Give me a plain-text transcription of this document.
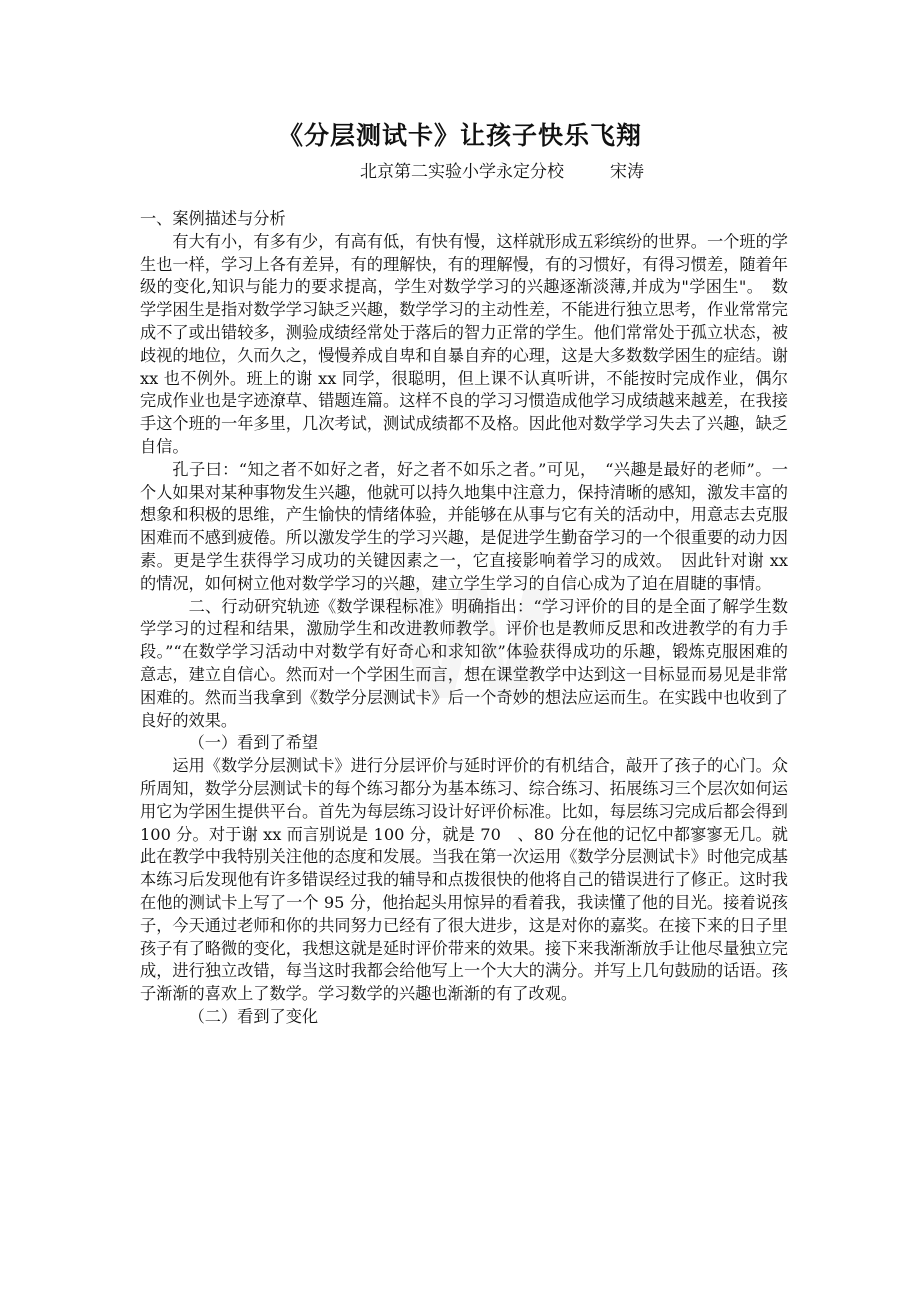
《分层测试卡》让孩子快乐飞翔
北京第二实验小学永定分校	宋涛

一、案例描述与分析

有大有小，有多有少，有高有低，有快有慢，这样就形成五彩缤纷的世界。一个班的学生也一样，学习上各有差异，有的理解快，有的理解慢，有的习惯好，有得习惯差，随着年级的变化,知识与能力的要求提高，学生对数学学习的兴趣逐渐淡薄,并成为"学困生"。　数学学困生是指对数学学习缺乏兴趣，数学学习的主动性差，不能进行独立思考，作业常常完成不了或出错较多，测验成绩经常处于落后的智力正常的学生。他们常常处于孤立状态，被歧视的地位，久而久之，慢慢养成自卑和自暴自弃的心理，这是大多数数学困生的症结。谢 xx 也不例外。班上的谢 xx 同学，很聪明，但上课不认真听讲，不能按时完成作业，偶尔完成作业也是字迹潦草、错题连篇。这样不良的学习习惯造成他学习成绩越来越差，在我接手这个班的一年多里，几次考试，测试成绩都不及格。因此他对数学学习失去了兴趣，缺乏自信。

孔子曰：“知之者不如好之者，好之者不如乐之者。”可见，　“兴趣是最好的老师”。一个人如果对某种事物发生兴趣，他就可以持久地集中注意力，保持清晰的感知，激发丰富的想象和积极的思维，产生愉快的情绪体验，并能够在从事与它有关的活动中，用意志去克服困难而不感到疲倦。所以激发学生的学习兴趣，是促进学生勤奋学习的一个很重要的动力因素。更是学生获得学习成功的关键因素之一，它直接影响着学习的成效。　因此针对谢 xx 的情况，如何树立他对数学学习的兴趣，建立学生学习的自信心成为了迫在眉睫的事情。

二、行动研究轨迹《数学课程标准》明确指出：“学习评价的目的是全面了解学生数学学习的过程和结果，激励学生和改进教师教学。评价也是教师反思和改进教学的有力手段。”“在数学学习活动中对数学有好奇心和求知欲”体验获得成功的乐趣，锻炼克服困难的意志，建立自信心。然而对一个学困生而言，想在课堂教学中达到这一目标显而易见是非常困难的。然而当我拿到《数学分层测试卡》后一个奇妙的想法应运而生。在实践中也收到了良好的效果。

（一）看到了希望

运用《数学分层测试卡》进行分层评价与延时评价的有机结合，敲开了孩子的心门。众所周知，数学分层测试卡的每个练习都分为基本练习、综合练习、拓展练习三个层次如何运用它为学困生提供平台。首先为每层练习设计好评价标准。比如，每层练习完成后都会得到 100 分。对于谢 xx 而言别说是 100 分，就是 70　、80 分在他的记忆中都寥寥无几。就此在教学中我特别关注他的态度和发展。当我在第一次运用《数学分层测试卡》时他完成基本练习后发现他有许多错误经过我的辅导和点拨很快的他将自己的错误进行了修正。这时我在他的测试卡上写了一个 95 分，他抬起头用惊异的看着我，我读懂了他的目光。接着说孩子，今天通过老师和你的共同努力已经有了很大进步，这是对你的嘉奖。在接下来的日子里孩子有了略微的变化，我想这就是延时评价带来的效果。接下来我渐渐放手让他尽量独立完成，进行独立改错，每当这时我都会给他写上一个大大的满分。并写上几句鼓励的话语。孩子渐渐的喜欢上了数学。学习数学的兴趣也渐渐的有了改观。

（二）看到了变化
